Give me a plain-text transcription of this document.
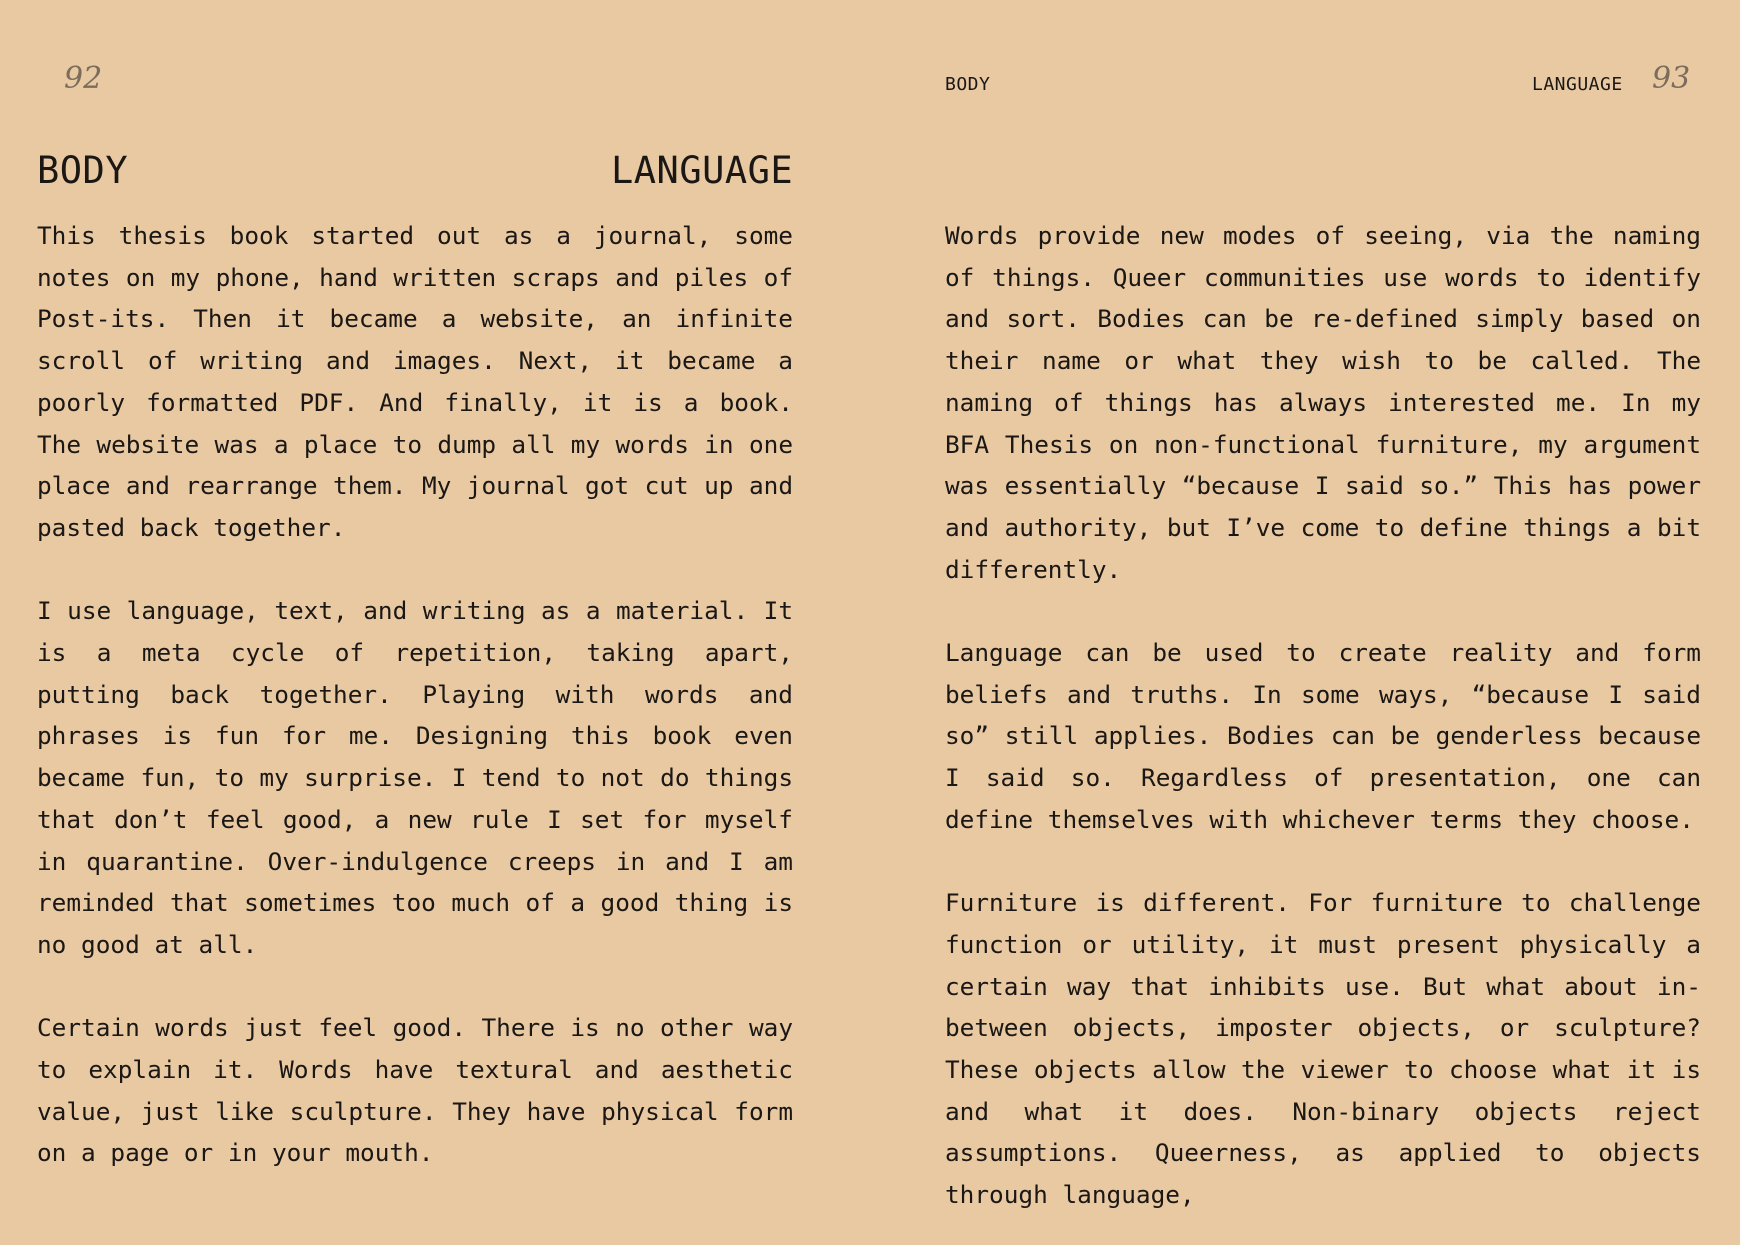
92
BODY	LANGUAGE

This thesis book started out as a journal, some notes on my phone, hand written scraps and piles of Post-its. Then it became a website, an infinite scroll of writing and images. Next, it became a poorly formatted PDF. And finally, it is a book. The website was a place to dump all my words in one place and rearrange them. My journal got cut up and pasted back together.

I use language, text, and writing as a material. It is a meta cycle of repetition, taking apart, putting back together. Playing with words and phrases is fun for me. Designing this book even became fun, to my surprise. I tend to not do things that don’t feel good, a new rule I set for myself in quarantine. Over-indulgence creeps in and I am reminded that sometimes too much of a good thing is no good at all.

Certain words just feel good. There is no other way to explain it. Words have textural and aesthetic value, just like sculpture. They have physical form on a page or in your mouth.

BODY	LANGUAGE 93

Words provide new modes of seeing, via the naming of things. Queer communities use words to identify and sort. Bodies can be re-defined simply based on their name or what they wish to be called. The naming of things has always interested me. In my BFA Thesis on non-functional furniture, my argument was essentially “because I said so.” This has power and authority, but I’ve come to define things a bit differently.

Language can be used to create reality and form beliefs and truths. In some ways, “because I said so” still applies. Bodies can be genderless because I said so. Regardless of presentation, one can define themselves with whichever terms they choose.

Furniture is different. For furniture to challenge function or utility, it must present physically a certain way that inhibits use. But what about in-between objects, imposter objects, or sculpture? These objects allow the viewer to choose what it is and what it does. Non-binary objects reject assumptions. Queerness, as applied to objects through language,
